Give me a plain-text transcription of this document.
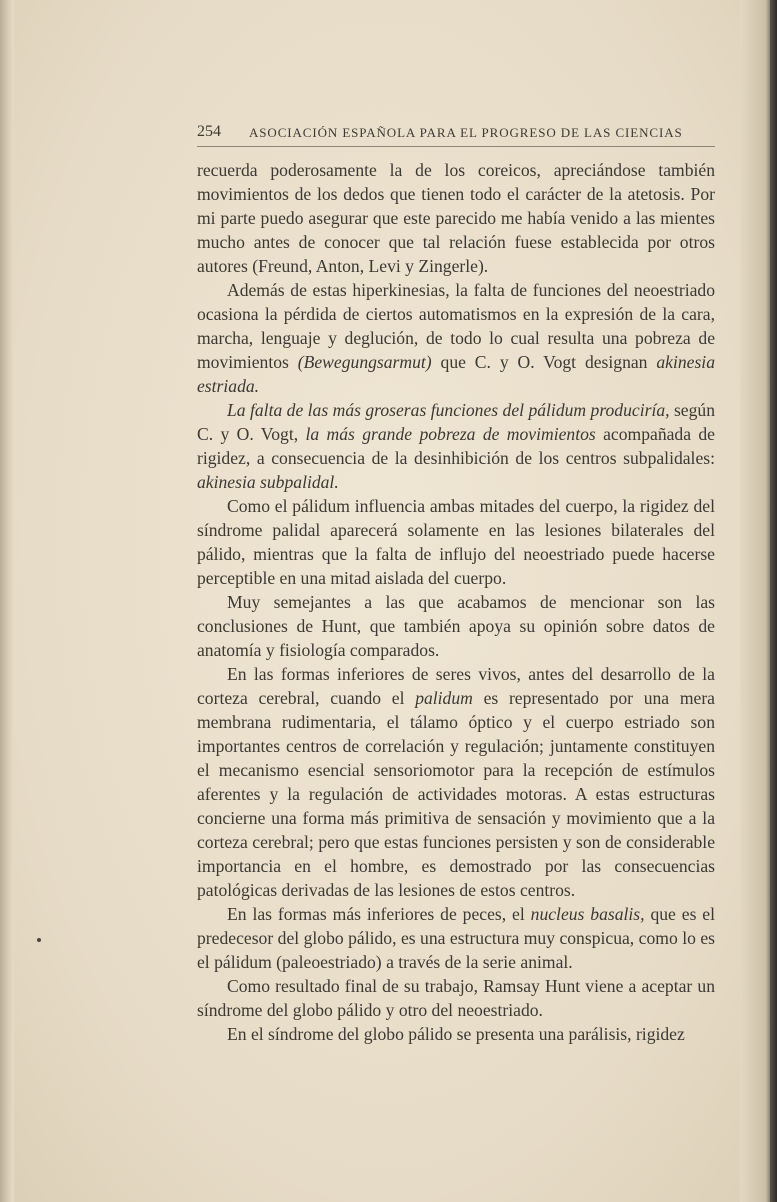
254 ASOCIACIÓN ESPAÑOLA PARA EL PROGRESO DE LAS CIENCIAS

recuerda poderosamente la de los coreicos, apreciándose también movimientos de los dedos que tienen todo el carácter de la atetosis. Por mi parte puedo asegurar que este parecido me había venido a las mientes mucho antes de conocer que tal relación fuese establecida por otros autores (Freund, Anton, Levi y Zingerle).

Además de estas hiperkinesias, la falta de funciones del neoestriado ocasiona la pérdida de ciertos automatismos en la expresión de la cara, marcha, lenguaje y deglución, de todo lo cual resulta una pobreza de movimientos (Bewegungsarmut) que C. y O. Vogt designan akinesia estriada.

La falta de las más groseras funciones del pálidum produciría, según C. y O. Vogt, la más grande pobreza de movimientos acompañada de rigidez, a consecuencia de la desinhibición de los centros subpalidales: akinesia subpalidal.

Como el pálidum influencia ambas mitades del cuerpo, la rigidez del síndrome palidal aparecerá solamente en las lesiones bilaterales del pálido, mientras que la falta de influjo del neoestriado puede hacerse perceptible en una mitad aislada del cuerpo.

Muy semejantes a las que acabamos de mencionar son las conclusiones de Hunt, que también apoya su opinión sobre datos de anatomía y fisiología comparados.

En las formas inferiores de seres vivos, antes del desarrollo de la corteza cerebral, cuando el palidum es representado por una mera membrana rudimentaria, el tálamo óptico y el cuerpo estriado son importantes centros de correlación y regulación; juntamente constituyen el mecanismo esencial sensoriomotor para la recepción de estímulos aferentes y la regulación de actividades motoras. A estas estructuras concierne una forma más primitiva de sensación y movimiento que a la corteza cerebral; pero que estas funciones persisten y son de considerable importancia en el hombre, es demostrado por las consecuencias patológicas derivadas de las lesiones de estos centros.

En las formas más inferiores de peces, el nucleus basalis, que es el predecesor del globo pálido, es una estructura muy conspicua, como lo es el pálidum (paleoestriado) a través de la serie animal.

Como resultado final de su trabajo, Ramsay Hunt viene a aceptar un síndrome del globo pálido y otro del neoestriado.

En el síndrome del globo pálido se presenta una parálisis, rigidez
